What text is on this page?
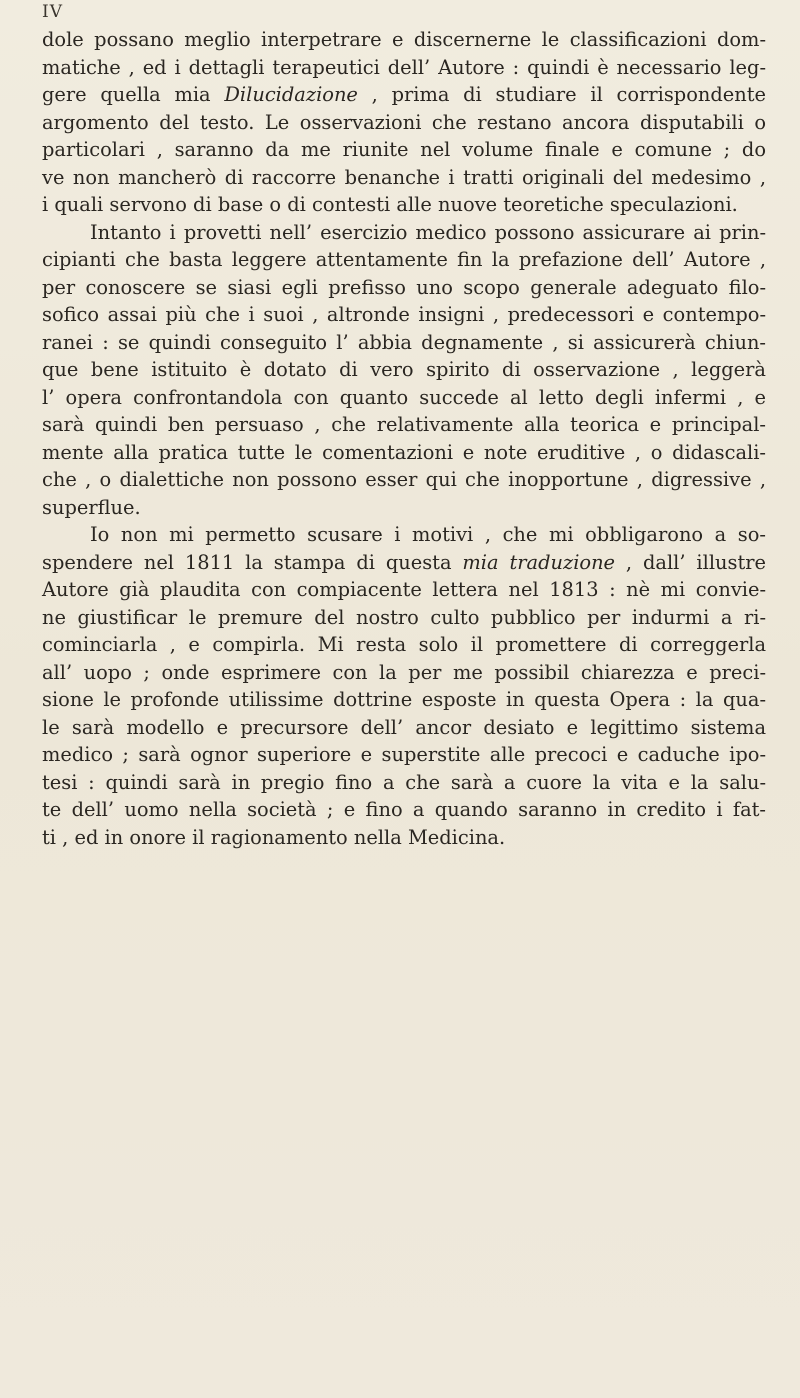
IV
dole possano meglio interpetrare e discernerne le classificazioni dom-
matiche , ed i dettagli terapeutici dell’ Autore : quindi è necessario leg-
gere quella mia Dilucidazione , prima di studiare il corrispondente
argomento del testo. Le osservazioni che restano ancora disputabili o
particolari , saranno da me riunite nel volume finale e comune ; do
ve non mancherò di raccorre benanche i tratti originali del medesimo ,
i quali servono di base o di contesti alle nuove teoretiche speculazioni.
Intanto i provetti nell’ esercizio medico possono assicurare ai prin-
cipianti che basta leggere attentamente fin la prefazione dell’ Autore ,
per conoscere se siasi egli prefisso uno scopo generale adeguato filo-
sofico assai più che i suoi , altronde insigni , predecessori e contempo-
ranei : se quindi conseguito l’ abbia degnamente , si assicurerà chiun-
que bene istituito è dotato di vero spirito di osservazione , leggerà
l’ opera confrontandola con quanto succede al letto degli infermi , e
sarà quindi ben persuaso , che relativamente alla teorica e principal-
mente alla pratica tutte le comentazioni e note eruditive , o didascali-
che , o dialettiche non possono esser qui che inopportune , digressive ,
superflue.
Io non mi permetto scusare i motivi , che mi obbligarono a so-
spendere nel 1811 la stampa di questa mia traduzione , dall’ illustre
Autore già plaudita con compiacente lettera nel 1813 : nè mi convie-
ne giustificar le premure del nostro culto pubblico per indurmi a ri-
cominciarla , e compirla. Mi resta solo il promettere di correggerla
all’ uopo ; onde esprimere con la per me possibil chiarezza e preci-
sione le profonde utilissime dottrine esposte in questa Opera : la qua-
le sarà modello e precursore dell’ ancor desiato e legittimo sistema
medico ; sarà ognor superiore e superstite alle precoci e caduche ipo-
tesi : quindi sarà in pregio fino a che sarà a cuore la vita e la salu-
te dell’ uomo nella società ; e fino a quando saranno in credito i fat-
ti , ed in onore il ragionamento nella Medicina.
